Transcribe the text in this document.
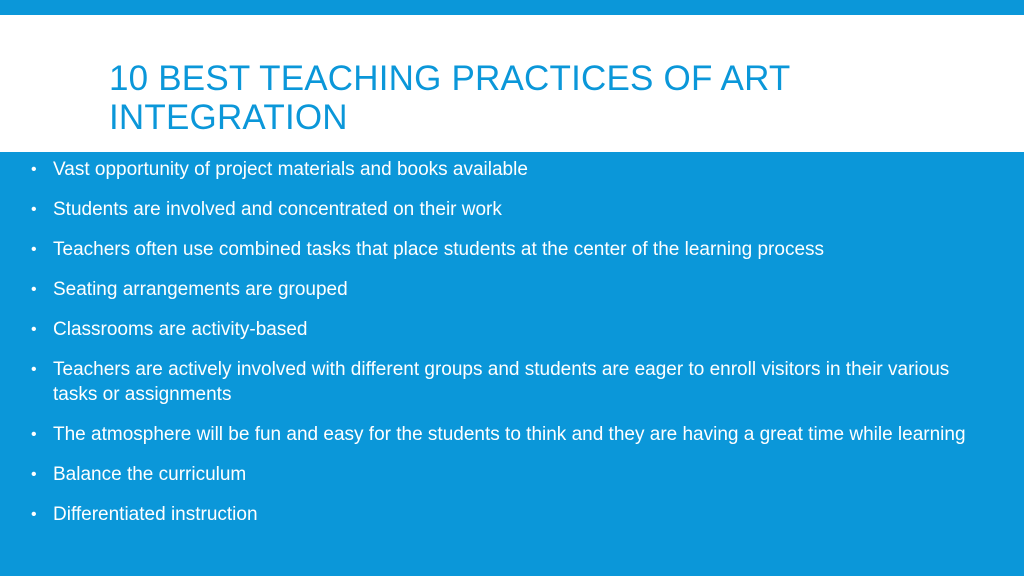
10 BEST TEACHING PRACTICES OF ART INTEGRATION
• Vast opportunity of project materials and books available
• Students are involved and concentrated on their work
• Teachers often use combined tasks that place students at the center of the learning process
• Seating arrangements are grouped
• Classrooms are activity-based
• Teachers are actively involved with different groups and students are eager to enroll visitors in their various tasks or assignments
• The atmosphere will be fun and easy for the students to think and they are having a great time while learning
• Balance the curriculum
• Differentiated instruction
